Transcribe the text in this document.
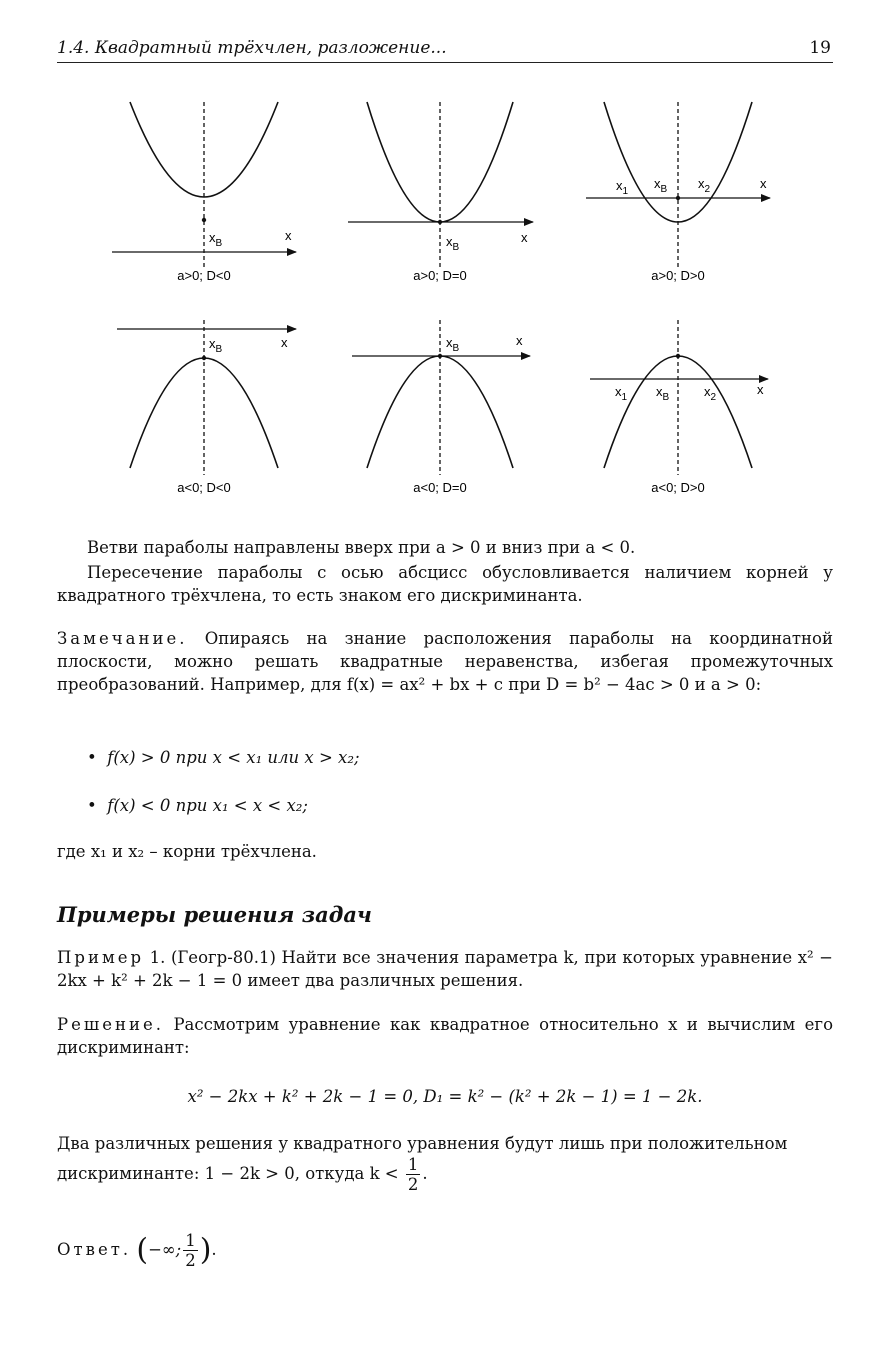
1.4. Квадратный трёхчлен, разложение...	19
$x_B$
x
a>0; D<0
$x_B$
x
a>0; D=0
$x_1$
$x_B$ $x_2$	x
a>0; D>0
$x_B$	x
a<0; D<0
$x_B$
x
a<0; D=0
$x_1$ $x_B$	$x_2$
x
a<0; D>0
Ветви параболы направлены вверх при a > 0 и вниз при a < 0.
Пересечение параболы с осью абсцисс обусловливается наличием корней у квадратного трёхчлена, то есть знаком его дискриминанта.
Замечание. Опираясь на знание расположения параболы на координатной плоскости, можно решать квадратные неравенства, избегая промежуточных преобразований. Например, для f(x) = ax² + bx + c при D = b² − 4ac > 0 и a > 0:
•  f(x) > 0 при x < x₁ или x > x₂;
•  f(x) < 0 при x₁ < x < x₂;
где x₁ и x₂ – корни трёхчлена.
Примеры решения задач
Пример 1. (Геогр-80.1) Найти все значения параметра k, при которых уравнение x² − 2kx + k² + 2k − 1 = 0 имеет два различных решения.
Решение. Рассмотрим уравнение как квадратное относительно x и вычислим его дискриминант:
x² − 2kx + k² + 2k − 1 = 0, D₁ = k² − (k² + 2k − 1) = 1 − 2k.
Два различных решения у квадратного уравнения будут лишь при положительном
дискриминанте: 1 − 2k > 0, откуда $k < \frac{1}{2}$ .
Ответ. (−∞; $\frac{1}{2}$ ).
